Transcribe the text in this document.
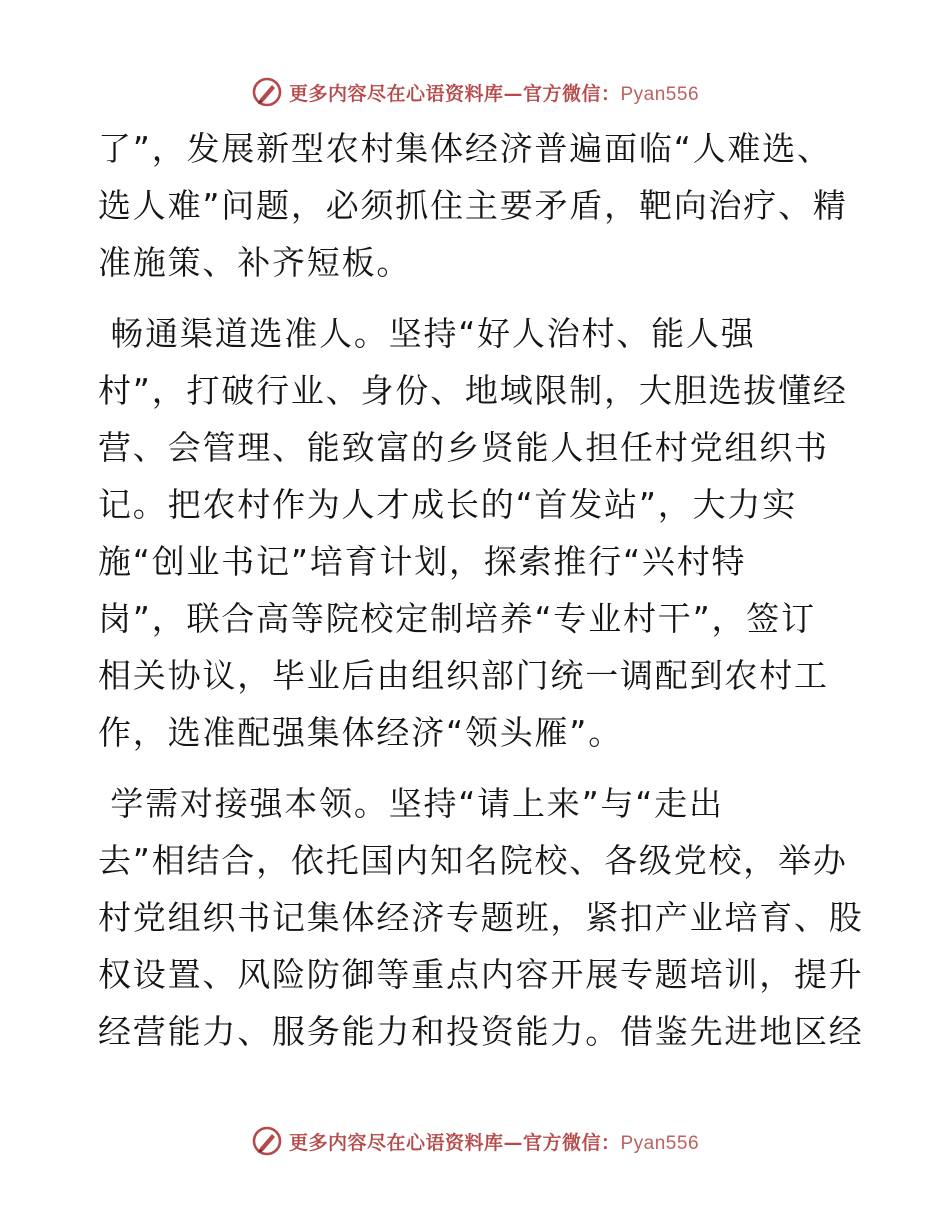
更多内容尽在心语资料库—官方微信：Pyan556

了”，发展新型农村集体经济普遍面临“人难选、
选人难”问题，必须抓住主要矛盾，靶向治疗、精
准施策、补齐短板。

畅通渠道选准人。坚持“好人治村、能人强
村”，打破行业、身份、地域限制，大胆选拔懂经
营、会管理、能致富的乡贤能人担任村党组织书
记。把农村作为人才成长的“首发站”，大力实
施“创业书记”培育计划，探索推行“兴村特
岗”，联合高等院校定制培养“专业村干”，签订
相关协议，毕业后由组织部门统一调配到农村工
作，选准配强集体经济“领头雁”。

学需对接强本领。坚持“请上来”与“走出
去”相结合，依托国内知名院校、各级党校，举办
村党组织书记集体经济专题班，紧扣产业培育、股
权设置、风险防御等重点内容开展专题培训，提升
经营能力、服务能力和投资能力。借鉴先进地区经

更多内容尽在心语资料库—官方微信：Pyan556
